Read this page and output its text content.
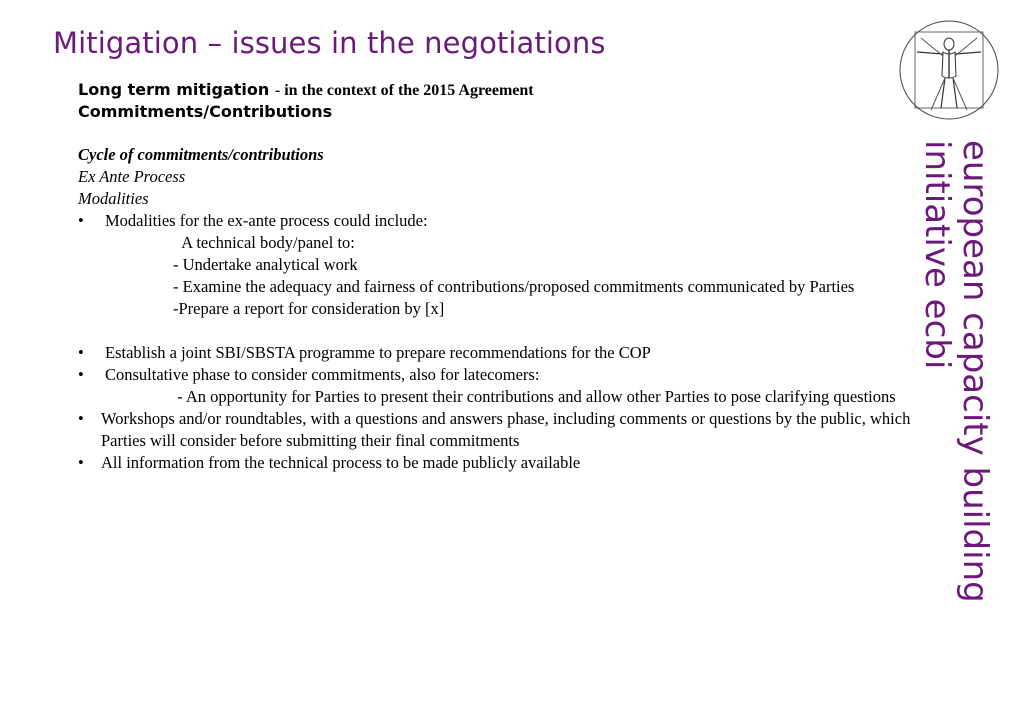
Mitigation – issues in the negotiations
Long term mitigation - in the context of the 2015 Agreement
Commitments/Contributions
Cycle of commitments/contributions
Ex Ante Process
Modalities
• Modalities for the ex-ante process could include:
A technical body/panel to:
- Undertake analytical work
- Examine the adequacy and fairness of contributions/proposed commitments communicated by Parties
-Prepare a report for consideration by [x]
• Establish a joint SBI/SBSTA programme to prepare recommendations for the COP
• Consultative phase to consider commitments, also for latecomers:
- An opportunity for Parties to present their contributions and allow other Parties to pose clarifying questions
• Workshops and/or roundtables, with a questions and answers phase, including comments or questions by the public, which Parties will consider before submitting their final commitments
• All information from the technical process to be made publicly available	european capacity building
initiative ecbi
